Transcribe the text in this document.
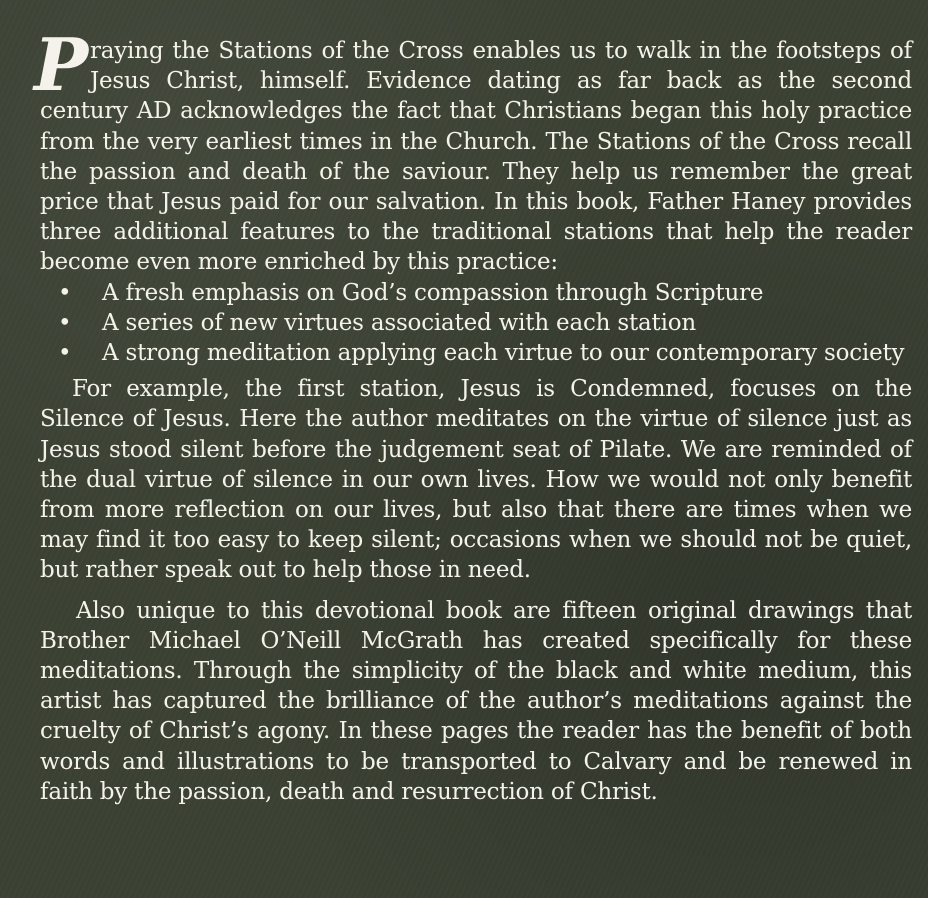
Praying the Stations of the Cross enables us to walk in the footsteps of Jesus Christ, himself. Evidence dating as far back as the second century AD acknowledges the fact that Christians began this holy practice from the very earliest times in the Church. The Stations of the Cross recall the passion and death of the saviour. They help us remember the great price that Jesus paid for our salvation. In this book, Father Haney provides three additional features to the traditional stations that help the reader become even more enriched by this practice:

• A fresh emphasis on God’s compassion through Scripture
• A series of new virtues associated with each station
• A strong meditation applying each virtue to our contemporary society

For example, the first station, Jesus is Condemned, focuses on the Silence of Jesus. Here the author meditates on the virtue of silence just as Jesus stood silent before the judgement seat of Pilate. We are reminded of the dual virtue of silence in our own lives. How we would not only benefit from more reflection on our lives, but also that there are times when we may find it too easy to keep silent; occasions when we should not be quiet, but rather speak out to help those in need.

Also unique to this devotional book are fifteen original drawings that Brother Michael O’Neill McGrath has created specifically for these meditations. Through the simplicity of the black and white medium, this artist has captured the brilliance of the author’s meditations against the cruelty of Christ’s agony. In these pages the reader has the benefit of both words and illustrations to be transported to Calvary and be renewed in faith by the passion, death and resurrection of Christ.
